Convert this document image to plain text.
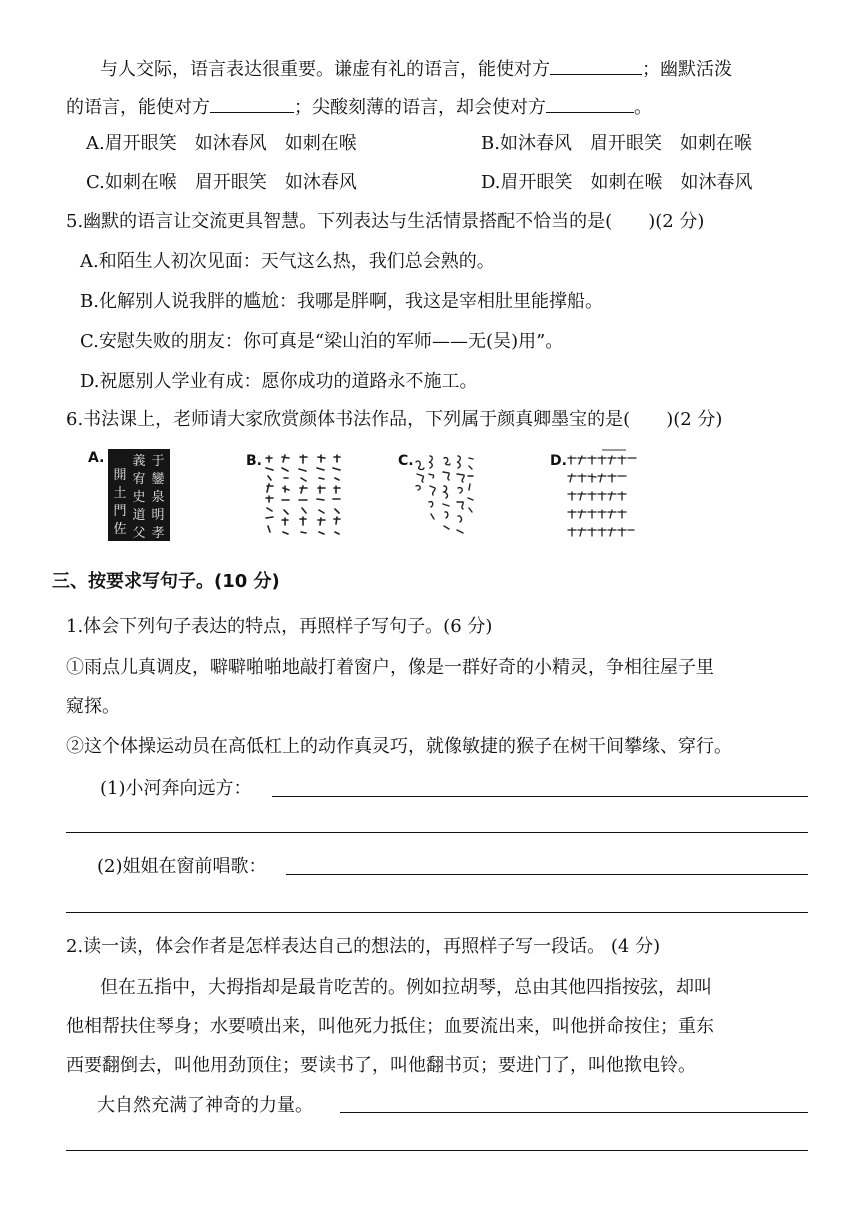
与人交际，语言表达很重要。谦虚有礼的语言，能使对方	；幽默活泼
的语言，能使对方	；尖酸刻薄的语言，却会使对方	。
A.眉开眼笑　如沐春风　如刺在喉	B.如沐春风　眉开眼笑　如刺在喉
C.如刺在喉　眉开眼笑　如沐春风	D.眉开眼笑　如刺在喉　如沐春风
5.幽默的语言让交流更具智慧。下列表达与生活情景搭配不恰当的是(　　)(2 分)
A.和陌生人初次见面：天气这么热，我们总会熟的。
B.化解别人说我胖的尴尬：我哪是胖啊，我这是宰相肚里能撑船。
C.安慰失败的朋友：你可真是“梁山泊的军师——无(吴)用”。
D.祝愿别人学业有成：愿你成功的道路永不施工。
6.书法课上，老师请大家欣赏颜体书法作品，下列属于颜真卿墨宝的是(　　)(2 分)
A.	于
鑾
泉
明
孝
義
宥
史
道
父
開
土
門
佐
B.	C.	D.
三、按要求写句子。(10 分)
1.体会下列句子表达的特点，再照样子写句子。(6 分)
①雨点儿真调皮，噼噼啪啪地敲打着窗户，像是一群好奇的小精灵，争相往屋子里
窥探。
②这个体操运动员在高低杠上的动作真灵巧，就像敏捷的猴子在树干间攀缘、穿行。
(1)小河奔向远方：
(2)姐姐在窗前唱歌：
2.读一读，体会作者是怎样表达自己的想法的，再照样子写一段话。 (4 分)
但在五指中，大拇指却是最肯吃苦的。例如拉胡琴，总由其他四指按弦，却叫
他相帮扶住琴身；水要喷出来，叫他死力抵住；血要流出来，叫他拼命按住；重东
西要翻倒去，叫他用劲顶住；要读书了，叫他翻书页；要进门了，叫他揿电铃。
大自然充满了神奇的力量。
